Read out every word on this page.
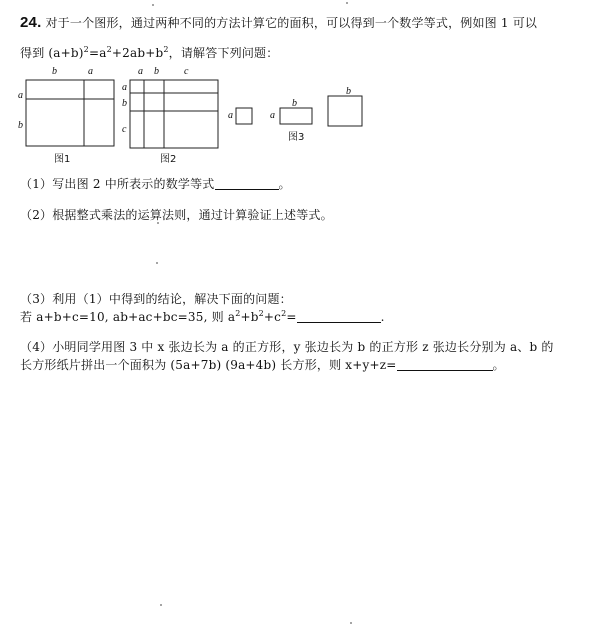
24. 对于一个图形，通过两种不同的方法计算它的面积，可以得到一个数学等式，例如图 1 可以
得到 $(a+b)^2=a^2+2ab+b^2$，请解答下列问题：
b	a
a
b
图1
a b	c
a
b
c
图2
a
b
a
b
图3
（1）写出图 2 中所表示的数学等式	。
（2）根据整式乘法的运算法则，通过计算验证上述等式。
（3）利用（1）中得到的结论，解决下面的问题：
若 a+b+c=10, ab+ac+bc=35, 则 $a^2+b^2+c^2=$	.
（4）小明同学用图 3 中 x 张边长为 a 的正方形，y 张边长为 b 的正方形 z 张边长分别为 a、b 的
长方形纸片拼出一个面积为 (5a+7b) (9a+4b) 长方形，则 x+y+z=	。
